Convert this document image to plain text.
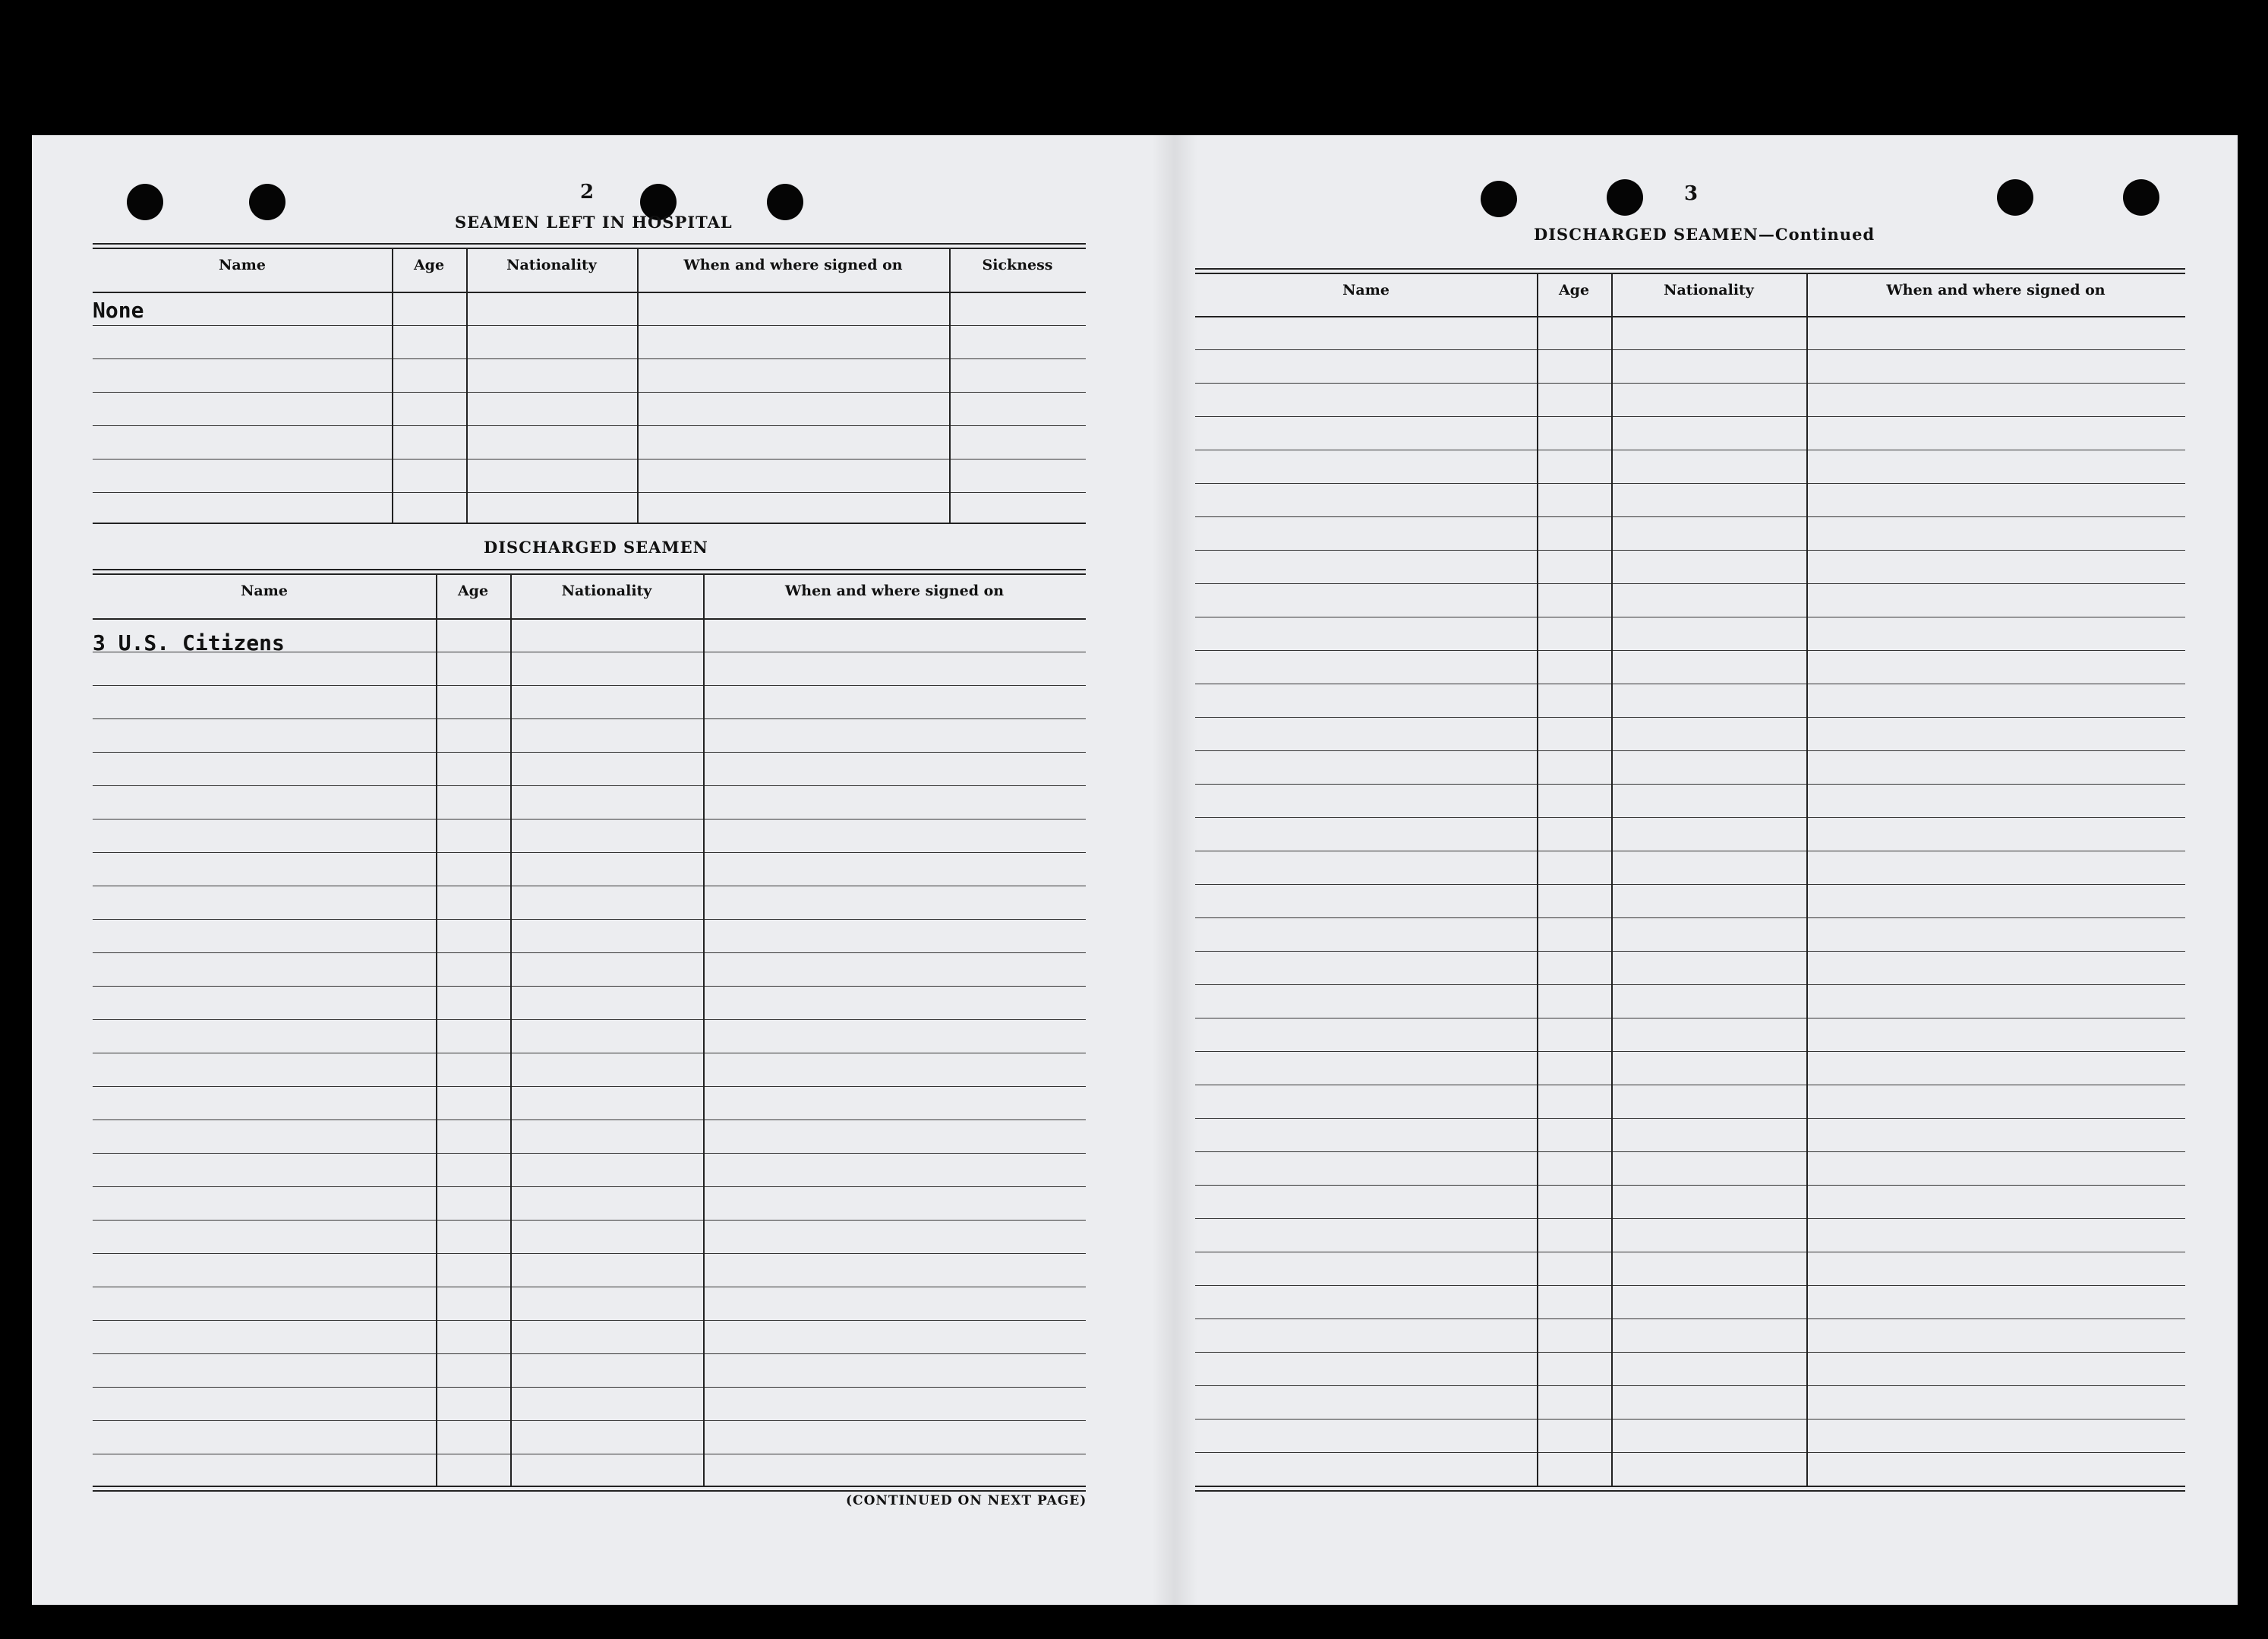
2
SEAMEN LEFT IN HOSPITAL
Name	Age	Nationality	When and where signed on	Sickness
None
DISCHARGED SEAMEN
Name	Age	Nationality	When and where signed on
3 U.S. Citizens
(CONTINUED ON NEXT PAGE)
3
DISCHARGED SEAMEN—Continued
Name	Age	Nationality	When and where signed on
